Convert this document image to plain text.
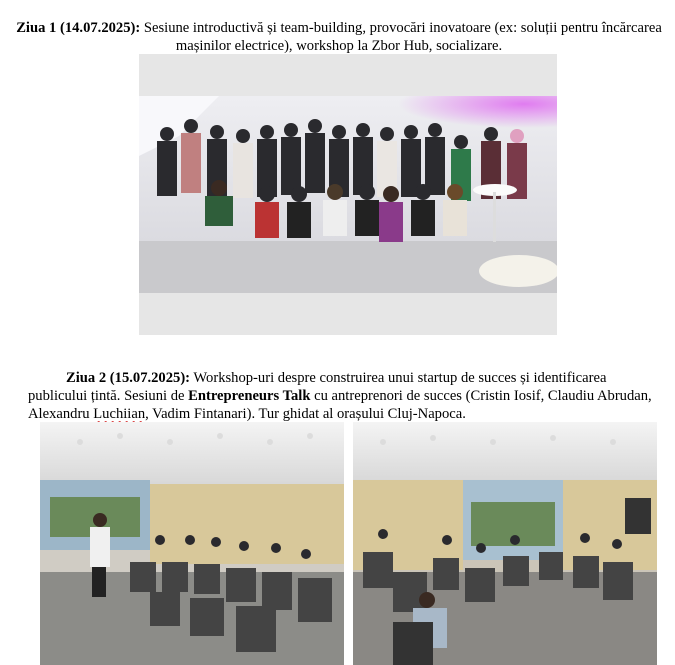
Ziua 1 (14.07.2025): Sesiune introductivă și team-building, provocări inovatoare (ex: soluții pentru încărcarea mașinilor electrice), workshop la Zbor Hub, socializare.

Ziua 2 (15.07.2025): Workshop-uri despre construirea unui startup de succes și identificarea publicului țintă. Sesiuni de Entrepreneurs Talk cu antreprenori de succes (Cristin Iosif, Claudiu Abrudan, Alexandru Luchiian, Vadim Fintanari). Tur ghidat al orașului Cluj-Napoca.
